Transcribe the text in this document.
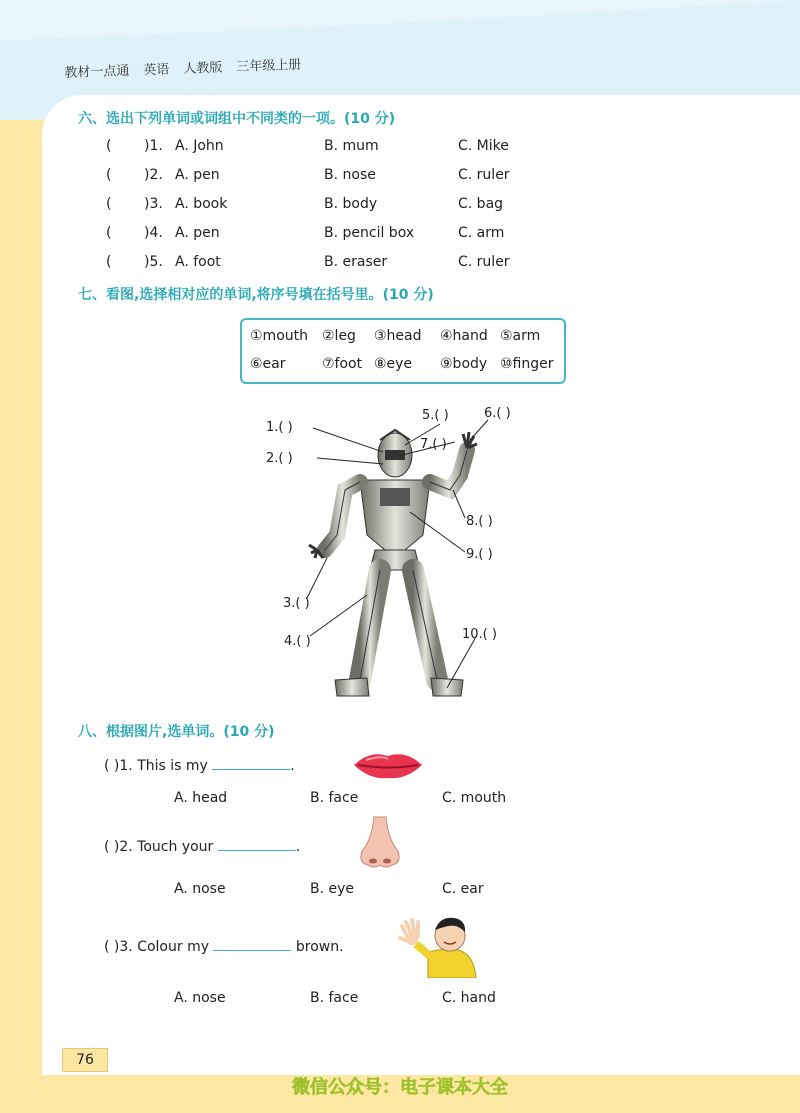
教材一点通 英语 人教版 三年级上册
六、选出下列单词或词组中不同类的一项。(10 分)
( )1. A. John	B. mum	C. Mike
( )2. A. pen	B. nose	C. ruler
( )3. A. book	B. body	C. bag
( )4. A. pen	B. pencil box	C. arm
( )5. A. foot	B. eraser	C. ruler
七、看图,选择相对应的单词,将序号填在括号里。(10 分)
①mouth ②leg ③head ④hand ⑤arm
⑥ear	⑦foot ⑧eye ⑨body ⑩finger
1.( )
2.( )
3.( )
4.( )
5.( )	6.( )
7.( )
8.( )
9.( )
10.( )
八、根据图片,选单词。(10 分)
( )1. This is my	.
A. head	B. face	C. mouth
( )2. Touch your	.
A. nose	B. eye	C. ear
( )3. Colour my	brown.
A. nose	B. face	C. hand
76
微信公众号：电子课本大全
